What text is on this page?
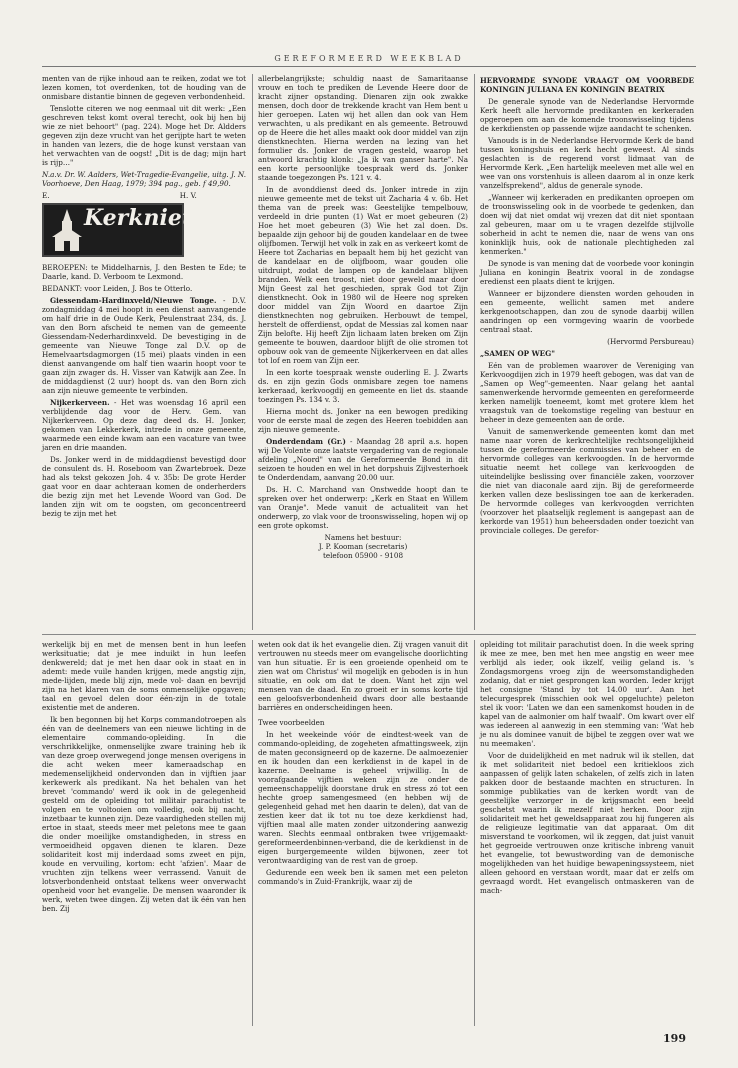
GEREFORMEERD WEEKBLAD

menten van de rijke inhoud aan te reiken, zodat we tot lezen komen, tot overdenken, tot de houding van de onmisbare distantie binnen de gegeven verbondenheid.

Tenslotte citeren we nog eenmaal uit dit werk: „Een geschreven tekst komt overal terecht, ook bij hen bij wie ze niet behoort" (pag. 224). Moge het Dr. Aldders gegeven zijn deze vrucht van het gerijpte hart te weten in handen van lezers, die de hoge kunst verstaan van het verwachten van de oogst! „Dit is de dag; mijn hart is rijp…"

N.a.v. Dr. W. Aalders, Wet-Tragedie-Evangelie, uitg. J. N. Voorhoeve, Den Haag, 1979; 394 pag., geb. f 49,90.

E.                                                         H. V.

Kerknieuws

BEROEPEN: te Middelharnis, J. den Besten te Ede; te Daarle, kand. D. Verboom te Lexmond.

BEDANKT: voor Leiden, J. Bos te Otterlo.

Giessendam-Hardinxveld/Nieuwe Tonge. - D.V. zondagmiddag 4 mei hoopt in een dienst aanvangende om half drie in de Oude Kerk, Peulenstraat 234, ds. J. van den Born afscheid te nemen van de gemeente Giessendam-Nederhardinxveld. De bevestiging in de gemeente van Nieuwe Tonge zal D.V. op de Hemelvaartsdagmorgen (15 mei) plaats vinden in een dienst aanvangende om half tien waarin hoopt voor te gaan zijn zwager ds. H. Visser van Katwijk aan Zee. In de middagdienst (2 uur) hoopt ds. van den Born zich aan zijn nieuwe gemeente te verbinden.

Nijkerkerveen. - Het was woensdag 16 april een verblijdende dag voor de Herv. Gem. van Nijkerkerveen. Op deze dag deed ds. H. Jonker, gekomen van Lekkerkerk, intrede in onze gemeente, waarmede een einde kwam aan een vacature van twee jaren en drie maanden.

Ds. Jonker werd in de middagdienst bevestigd door de consulent ds. H. Roseboom van Zwartebroek. Deze had als tekst gekozen Joh. 4 v. 35b: De grote Herder gaat voor en daar achteraan komen de onderherders die bezig zijn met het Levende Woord van God. De landen zijn wit om te oogsten, om geconcentreerd bezig te zijn met het

allerbelangrijkste; schuldig naast de Samaritaanse vrouw en toch te prediken de Levende Heere door de kracht zijner opstanding. Dienaren zijn ook zwakke mensen, doch door de trekkende kracht van Hem bent u hier geroepen. Laten wij het allen dan ook van Hem verwachten, u als predikant en als gemeente. Betrouwd op de Heere die het alles maakt ook door middel van zijn dienstknechten. Hierna werden na lezing van het formulier ds. Jonker de vragen gesteld, waarop het antwoord krachtig klonk: „Ja ik van ganser harte". Na een korte persoonlijke toespraak werd ds. Jonker staande toegezongen Ps. 121 v. 4.

In de avonddienst deed ds. Jonker intrede in zijn nieuwe gemeente met de tekst uit Zacharia 4 v. 6b. Het thema van de preek was: Geestelijke tempelbouw, verdeeld in drie punten (1) Wat er moet gebeuren (2) Hoe het moet gebeuren (3) Wie het zal doen. Ds. bepaalde zijn gehoor bij de gouden kandelaar en de twee olijfbomen. Terwijl het volk in zak en as verkeert komt de Heere tot Zacharias en bepaalt hem bij het gezicht van de kandelaar en de olijfboom, waar gouden olie uitdruipt, zodat de lampen op de kandelaar blijven branden. Welk een troost, niet door geweld maar door Mijn Geest zal het geschieden, sprak God tot Zijn dienstknecht. Ook in 1980 wil de Heere nog spreken door middel van Zijn Woord en daartoe Zijn dienstknechten nog gebruiken. Herbouwt de tempel, herstelt de offerdienst, opdat de Messias zal komen naar Zijn belofte. Hij heeft Zijn lichaam laten breken om Zijn gemeente te bouwen, daardoor blijft de olie stromen tot opbouw ook van de gemeente Nijkerkerveen en dat alles tot lof en roem van Zijn eer.

In een korte toespraak wenste ouderling E. J. Zwarts ds. en zijn gezin Gods onmisbare zegen toe namens kerkeraad, kerkvoogdij en gemeente en liet ds. staande toezingen Ps. 134 v. 3.

Hierna mocht ds. Jonker na een bewogen prediking voor de eerste maal de zegen des Heeren toebidden aan zijn nieuwe gemeente.

Onderdendam (Gr.) - Maandag 28 april a.s. hopen wij De Volente onze laatste vergadering van de regionale afdeling „Noord" van de Gereformeerde Bond in dit seizoen te houden en wel in het dorpshuis Zijlvesterhoek te Onderdendam, aanvang 20.00 uur.

Ds. H. C. Marchand van Onstwedde hoopt dan te spreken over het onderwerp: „Kerk en Staat en Willem van Oranje". Mede vanuit de actualiteit van het onderwerp, zo vlak voor de troonswisseling, hopen wij op een grote opkomst.

Namens het bestuur:
J. P. Kooman (secretaris)
telefoon 05900 - 9108
HERVORMDE SYNODE VRAAGT OM VOORBEDE KONINGIN JULIANA EN KONINGIN BEATRIX

De generale synode van de Nederlandse Hervormde Kerk heeft alle hervormde predikanten en kerkeraden opgeroepen om aan de komende troonswisseling tijdens de kerkdiensten op passende wijze aandacht te schenken.

Vanouds is in de Nederlandse Hervormde Kerk de band tussen koningshuis en kerk hecht geweest. Al sinds geslachten is de regerend vorst lidmaat van de Hervormde Kerk. „Een hartelijk meeleven met alle wel en wee van ons vorstenhuis is alleen daarom al in onze kerk vanzelfsprekend", aldus de generale synode.

„Wanneer wij kerkeraden en predikanten oproepen om de troonswisseling ook in de voorbede te gedenken, dan doen wij dat niet omdat wij vrezen dat dit niet spontaan zal gebeuren, maar om u te vragen dezelfde stijlvolle soberheid in acht te nemen die, naar de wens van ons koninklijk huis, ook de nationale plechtigheden zal kenmerken."

De synode is van mening dat de voorbede voor koningin Juliana en koningin Beatrix vooral in de zondagse eredienst een plaats dient te krijgen.

Wanneer er bijzondere diensten worden gehouden in een gemeente, wellicht samen met andere kerkgenootschappen, dan zou de synode daarbij willen aandringen op een vormgeving waarin de voorbede centraal staat.

(Hervormd Persbureau)

„SAMEN OP WEG"

Eén van de problemen waarover de Vereniging van Kerkvoogdijen zich in 1979 heeft gebogen, was dat van de „Samen op Weg"-gemeenten. Naar gelang het aantal samenwerkende hervormde gemeenten en gereformeerde kerken namelijk toeneemt, komt met grotere klem het vraagstuk van de toekomstige regeling van bestuur en beheer in deze gemeenten aan de orde.

Vanuit de samenwerkende gemeenten komt dan met name naar voren de kerkrechtelijke rechtsongelijkheid tussen de gereformeerde commissies van beheer en de hervormde colleges van kerkvoogden. In de hervormde situatie neemt het college van kerkvoogden de uiteindelijke beslissing over financiële zaken, voorzover die niet van diaconale aard zijn. Bij de gereformeerde kerken vallen deze beslissingen toe aan de kerkeraden. De hervormde colleges van kerkvoogden verrichten (voorzover het plaatselijk reglement is aangepast aan de kerkorde van 1951) hun beheersdaden onder toezicht van provinciale colleges. De gerefor-

werkelijk bij en met de mensen bent in hun leefen werksituatie; dat je mee induikt in hun leefen denkwereld; dat je met hen daar ook in staat en in ademt: mede vuile handen krijgen, mede angstig zijn, mede-lijden, mede blij zijn, mede vol- daan en bevrijd zijn na het klaren van de soms onmenselijke opgaven; taal en gevoel delen door één-zijn in de totale existentie met de anderen.

Ik ben begonnen bij het Korps commandotroepen als één van de deelnemers van een nieuwe lichting in de elementaire commando-opleiding. In die verschrikkelijke, onmenselijke zware training heb ik van deze groep overwegend jonge mensen overigens in die acht weken meer kameraadschap en medemenselijkheid ondervonden dan in vijftien jaar kerkewerk als predikant. Na het behalen van het brevet 'commando' werd ik ook in de gelegenheid gesteld om de opleiding tot militair parachutist te volgen en te voltooien om volledig, ook bij nacht, inzetbaar te kunnen zijn. Deze vaardigheden stellen mij ertoe in staat, steeds meer met peletons mee te gaan die onder moeilijke omstandigheden, in stress en vermoeidheid opgaven dienen te klaren. Deze solidariteit kost mij inderdaad soms zweet en pijn, koude en vervuiling, kortom: echt 'afzien'. Maar de vruchten zijn telkens weer verrassend. Vanuit de lotsverbondenheid ontstaat telkens weer onverwacht openheid voor het evangelie. De mensen waaronder ik werk, weten twee dingen. Zij weten dat ik één van hen ben. Zij

weten ook dat ik het evangelie dien. Zij vragen vanuit dit vertrouwen nu steeds meer om evangelische doorlichting van hun situatie. Er is een groeiende openheid om te zien wat om Christus' wil mogelijk en geboden is in hun situatie, en ook om dat te doen. Want het zijn wel mensen van de daad. En zo groeit er in soms korte tijd een geloofsverbondenheid dwars door alle bestaande barrières en onderscheidingen heen.

Twee voorbeelden

In het weekeinde vóór de eindtest-week van de commando-opleiding, de zogeheten afmattingsweek, zijn de maten geconsigneerd op de kazerne. De aalmoezenier en ik houden dan een kerkdienst in de kapel in de kazerne. Deelname is geheel vrijwillig. In de voorafgaande vijftien weken zijn ze onder de gemeenschappelijk doorstane druk en stress zó tot een hechte groep samengesmeed (en hebben wij de gelegenheid gehad met hen daarin te delen), dat van de zestien keer dat ik tot nu toe deze kerkdienst had, vijftien maal alle maten zonder uitzondering aanwezig waren. Slechts eenmaal ontbraken twee vrijgemaakt-gereformeerdenbinnen-verband, die de kerkdienst in de eigen burgergemeente wilden bijwonen, zeer tot verontwaardiging van de rest van de groep.

Gedurende een week ben ik samen met een peleton commando's in Zuid-Frankrijk, waar zij de

opleiding tot militair parachutist doen. In die week spring ik mee ze mee, ben met hen mee angstig en weer mee verblijd als ieder, ook ikzelf, veilig geland is. 's Zondagsmorgens vroeg zijn de weersomstandigheden zodanig, dat er niet gesprongen kan worden. Ieder krijgt het consigne 'Stand by tot 14.00 uur'. Aan het telecurgesprek (misschien ook wel opgeluchte) peleton stel ik voor: 'Laten we dan een samenkomst houden in de kapel van de aalmonier om half twaalf'. Om kwart over elf was iedereen al aanwezig in een stemming van: 'Wat heb je nu als dominee vanuit de bijbel te zeggen over wat we nu meemaken'.

Voor de duidelijkheid en met nadruk wil ik stellen, dat ik met solidariteit niet bedoel een kritiekloos zich aanpassen of gelijk laten schakelen, of zelfs zich in laten pakken door de bestaande machten en structuren. In sommige publikaties van de kerken wordt van de geestelijke verzorger in de krijgsmacht een beeld geschetst waarin ik mezelf niet herken. Door zijn solidariteit met het geweldsapparaat zou hij fungeren als de religieuze legitimatie van dat apparaat. Om dit misverstand te voorkomen, wil ik zeggen, dat juist vanuit het gegroeide vertrouwen onze kritische inbreng vanuit het evangelie, tot bewustwording van de demonische mogelijkheden van het huidige bewapeningssysteem, niet alleen gehoord en verstaan wordt, maar dat er zelfs om gevraagd wordt. Het evangelisch ontmaskeren van de mach-

199
